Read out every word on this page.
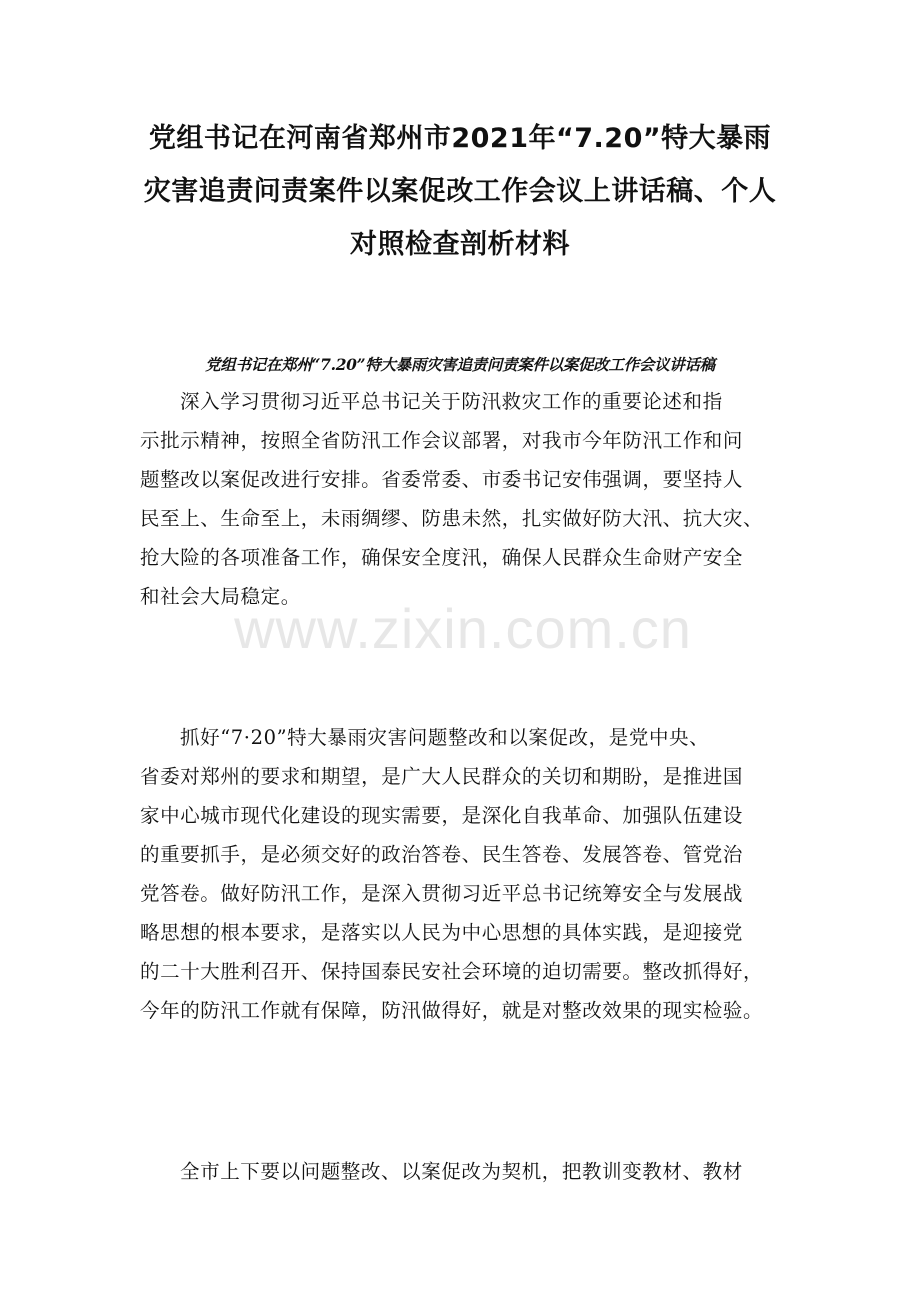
党组书记在河南省郑州市2021年“7.20”特大暴雨
灾害追责问责案件以案促改工作会议上讲话稿、个人
对照检查剖析材料
党组书记在郑州“7.20”特大暴雨灾害追责问责案件以案促改工作会议讲话稿
深入学习贯彻习近平总书记关于防汛救灾工作的重要论述和指
示批示精神，按照全省防汛工作会议部署，对我市今年防汛工作和问
题整改以案促改进行安排。省委常委、市委书记安伟强调，要坚持人
民至上、生命至上，未雨绸缪、防患未然，扎实做好防大汛、抗大灾、
抢大险的各项准备工作，确保安全度汛，确保人民群众生命财产安全
和社会大局稳定。
抓好“7·20”特大暴雨灾害问题整改和以案促改，是党中央、
省委对郑州的要求和期望，是广大人民群众的关切和期盼，是推进国
家中心城市现代化建设的现实需要，是深化自我革命、加强队伍建设
的重要抓手，是必须交好的政治答卷、民生答卷、发展答卷、管党治
党答卷。做好防汛工作，是深入贯彻习近平总书记统筹安全与发展战
略思想的根本要求，是落实以人民为中心思想的具体实践，是迎接党
的二十大胜利召开、保持国泰民安社会环境的迫切需要。整改抓得好，
今年的防汛工作就有保障，防汛做得好，就是对整改效果的现实检验。
全市上下要以问题整改、以案促改为契机，把教训变教材、教材
www.zixin.com.cn
